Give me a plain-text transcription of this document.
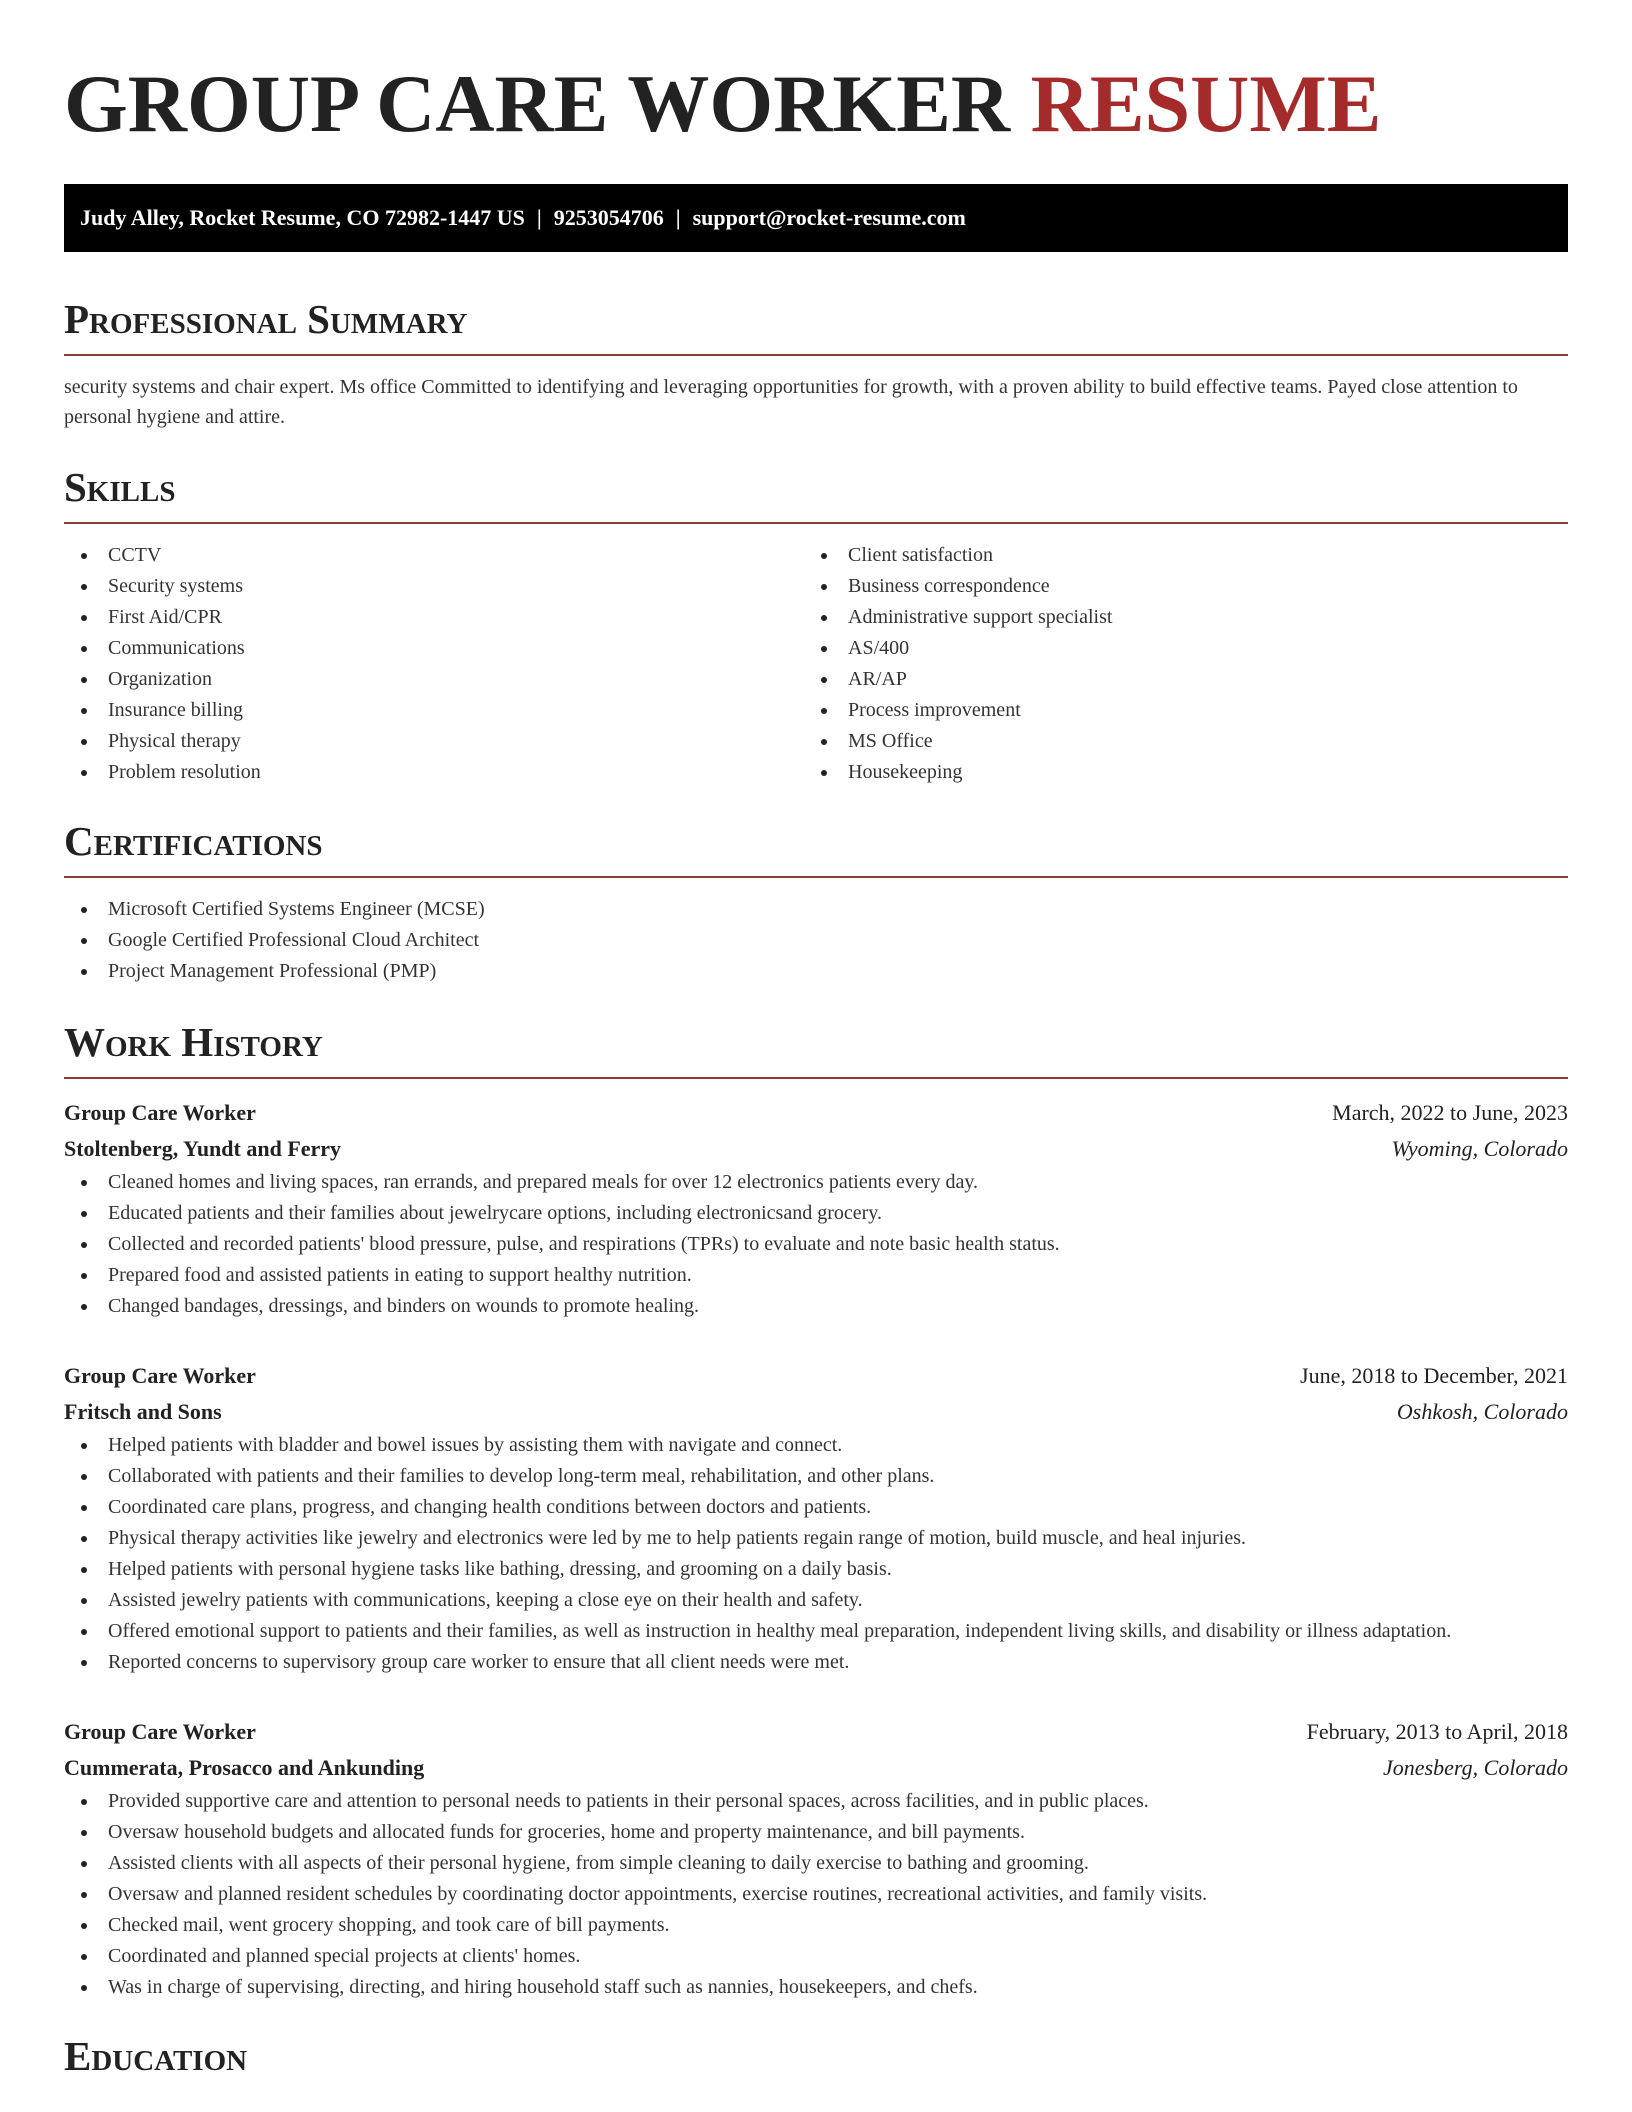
GROUP CARE WORKER RESUME
Judy Alley, Rocket Resume, CO 72982-1447 US | 9253054706 | support@rocket-resume.com
Professional Summary

security systems and chair expert. Ms office Committed to identifying and leveraging opportunities for growth, with a proven ability to build effective teams. Payed close attention to personal hygiene and attire.

Skills
CCTV
Security systems
First Aid/CPR
Communications
Organization
Insurance billing
Physical therapy
Problem resolution
Client satisfaction
Business correspondence
Administrative support specialist
AS/400
AR/AP
Process improvement
MS Office
Housekeeping
Certifications
Microsoft Certified Systems Engineer (MCSE)
Google Certified Professional Cloud Architect
Project Management Professional (PMP)
Work History
Group Care Worker	March, 2022 to June, 2023
Stoltenberg, Yundt and Ferry	Wyoming, Colorado
Cleaned homes and living spaces, ran errands, and prepared meals for over 12 electronics patients every day.
Educated patients and their families about jewelrycare options, including electronicsand grocery.
Collected and recorded patients' blood pressure, pulse, and respirations (TPRs) to evaluate and note basic health status.
Prepared food and assisted patients in eating to support healthy nutrition.
Changed bandages, dressings, and binders on wounds to promote healing.
Group Care Worker	June, 2018 to December, 2021
Fritsch and Sons	Oshkosh, Colorado
Helped patients with bladder and bowel issues by assisting them with navigate and connect.
Collaborated with patients and their families to develop long-term meal, rehabilitation, and other plans.
Coordinated care plans, progress, and changing health conditions between doctors and patients.
Physical therapy activities like jewelry and electronics were led by me to help patients regain range of motion, build muscle, and heal injuries.
Helped patients with personal hygiene tasks like bathing, dressing, and grooming on a daily basis.
Assisted jewelry patients with communications, keeping a close eye on their health and safety.
Offered emotional support to patients and their families, as well as instruction in healthy meal preparation, independent living skills, and disability or illness adaptation.
Reported concerns to supervisory group care worker to ensure that all client needs were met.
Group Care Worker	February, 2013 to April, 2018
Cummerata, Prosacco and Ankunding	Jonesberg, Colorado
Provided supportive care and attention to personal needs to patients in their personal spaces, across facilities, and in public places.
Oversaw household budgets and allocated funds for groceries, home and property maintenance, and bill payments.
Assisted clients with all aspects of their personal hygiene, from simple cleaning to daily exercise to bathing and grooming.
Oversaw and planned resident schedules by coordinating doctor appointments, exercise routines, recreational activities, and family visits.
Checked mail, went grocery shopping, and took care of bill payments.
Coordinated and planned special projects at clients' homes.
Was in charge of supervising, directing, and hiring household staff such as nannies, housekeepers, and chefs.
Education
